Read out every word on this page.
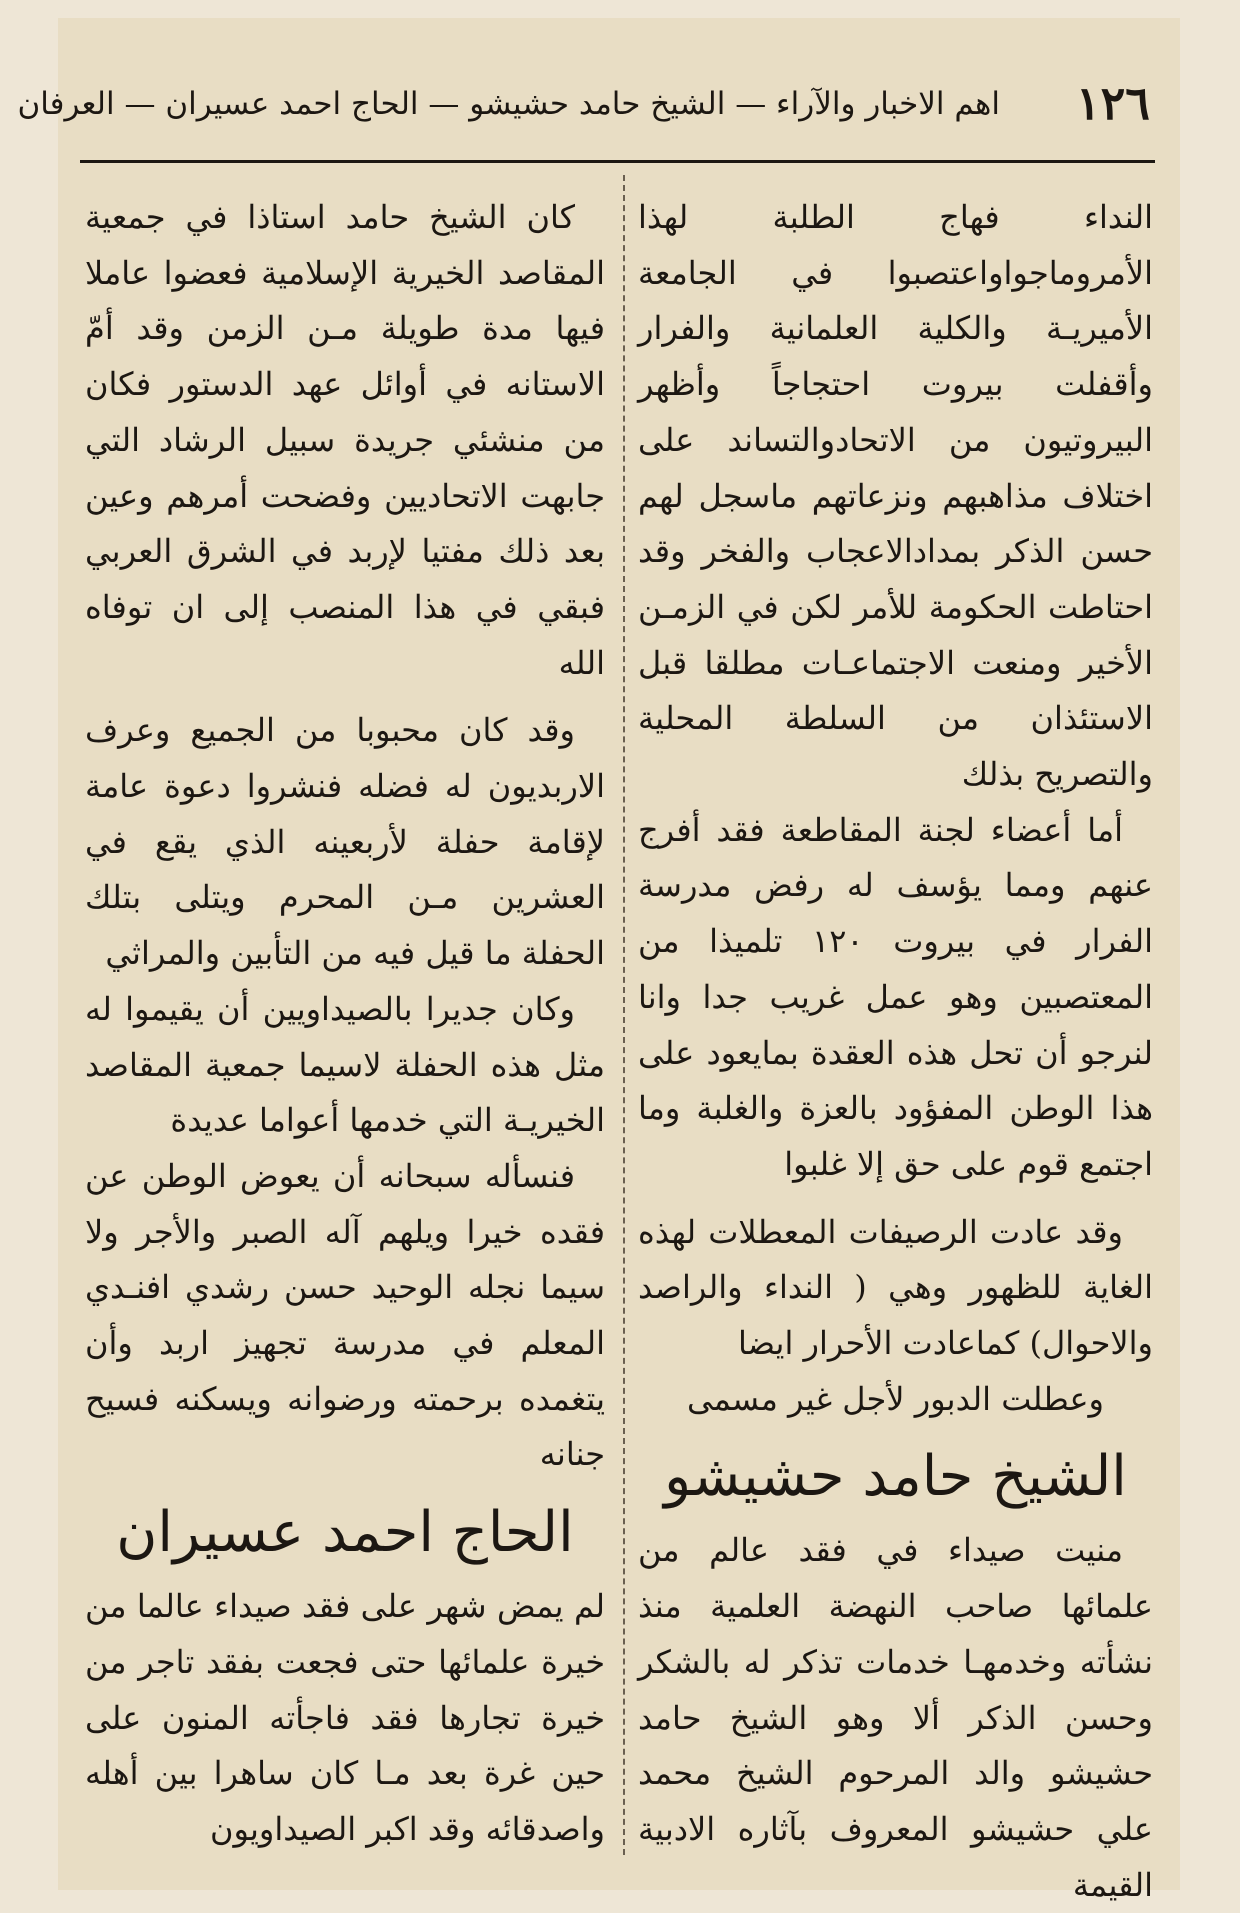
١٢٦
اهم الاخبار والآراء — الشيخ حامد حشيشو — الحاج احمد عسيران — العرفان

النداء فهاج الطلبة لهذا الأمروماجواواعتصبوا في الجامعة الأميريـة والكلية العلمانية والفرار وأقفلت بيروت احتجاجاً وأظهر البيروتيون من الاتحادوالتساند على اختلاف مذاهبهم ونزعاتهم ماسجل لهم حسن الذكر بمدادالاعجاب والفخر وقد احتاطت الحكومة للأمر لكن في الزمـن الأخير ومنعت الاجتماعـات مطلقا قبل الاستئذان من السلطة المحلية والتصريح بذلك

أما أعضاء لجنة المقاطعة فقد أفرج عنهم ومما يؤسف له رفض مدرسة الفرار في بيروت ١٢٠ تلميذا من المعتصبين وهو عمل غريب جدا وانا لنرجو أن تحل هذه العقدة بمايعود على هذا الوطن المفؤود بالعزة والغلبة وما اجتمع قوم على حق إلا غلبوا

وقد عادت الرصيفات المعطلات لهذه الغاية للظهور وهي ( النداء والراصد والاحوال) كماعادت الأحرار ايضا

وعطلت الدبور لأجل غير مسمى

الشيخ حامد حشيشو

منيت صيداء في فقد عالم من علمائها صاحب النهضة العلمية منذ نشأته وخدمهـا خدمات تذكر له بالشكر وحسن الذكر ألا وهو الشيخ حامد حشيشو والد المرحوم الشيخ محمد علي حشيشو المعروف بآثاره الادبية القيمة

كان الشيخ حامد استاذا في جمعية المقاصد الخيرية الإسلامية فعضوا عاملا فيها مدة طويلة مـن الزمن وقد أمّ الاستانه في أوائل عهد الدستور فكان من منشئي جريدة سبيل الرشاد التي جابهت الاتحاديين وفضحت أمرهم وعين بعد ذلك مفتيا لإربد في الشرق العربي فبقي في هذا المنصب إلى ان توفاه الله

وقد كان محبوبا من الجميع وعرف الاربديون له فضله فنشروا دعوة عامة لإقامة حفلة لأربعينه الذي يقع في العشرين مـن المحرم ويتلى بتلك الحفلة ما قيل فيه من التأبين والمراثي

وكان جديرا بالصيداويين أن يقيموا له مثل هذه الحفلة لاسيما جمعية المقاصد الخيريـة التي خدمها أعواما عديدة

فنسأله سبحانه أن يعوض الوطن عن فقده خيرا ويلهم آله الصبر والأجر ولا سيما نجله الوحيد حسن رشدي افنـدي المعلم في مدرسة تجهيز اربد وأن يتغمده برحمته ورضوانه ويسكنه فسيح جنانه

الحاج احمد عسيران

لم يمض شهر على فقد صيداء عالما من خيرة علمائها حتى فجعت بفقد تاجر من خيرة تجارها فقد فاجأته المنون على حين غرة بعد مـا كان ساهرا بين أهله واصدقائه وقد اكبر الصيداويون
